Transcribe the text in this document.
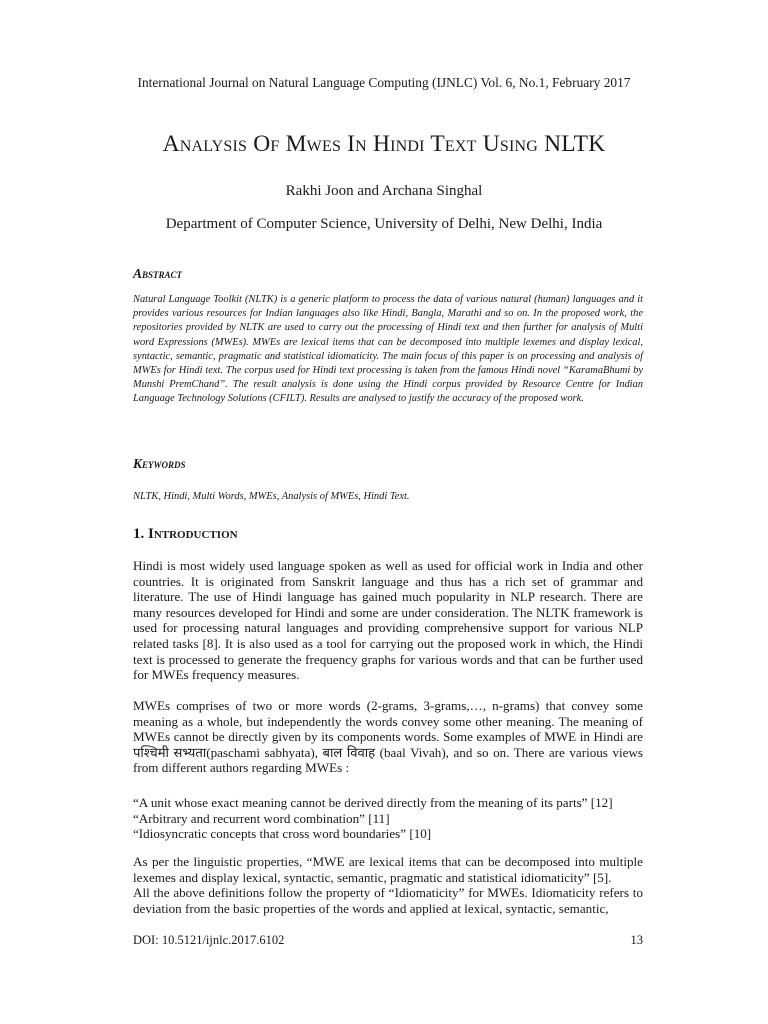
International Journal on Natural Language Computing (IJNLC) Vol. 6, No.1, February 2017
Analysis Of Mwes In Hindi Text Using NLTK
Rakhi Joon and Archana Singhal
Department of Computer Science, University of Delhi, New Delhi, India
Abstract

Natural Language Toolkit (NLTK) is a generic platform to process the data of various natural (human) languages and it provides various resources for Indian languages also like Hindi, Bangla, Marathi and so on. In the proposed work, the repositories provided by NLTK are used to carry out the processing of Hindi text and then further for analysis of Multi word Expressions (MWEs). MWEs are lexical items that can be decomposed into multiple lexemes and display lexical, syntactic, semantic, pragmatic and statistical idiomaticity. The main focus of this paper is on processing and analysis of MWEs for Hindi text. The corpus used for Hindi text processing is taken from the famous Hindi novel “KaramaBhumi by Munshi PremChand”. The result analysis is done using the Hindi corpus provided by Resource Centre for Indian Language Technology Solutions (CFILT). Results are analysed to justify the accuracy of the proposed work.

Keywords

NLTK, Hindi, Multi Words, MWEs, Analysis of MWEs, Hindi Text.

1. Introduction

Hindi is most widely used language spoken as well as used for official work in India and other countries. It is originated from Sanskrit language and thus has a rich set of grammar and literature. The use of Hindi language has gained much popularity in NLP research. There are many resources developed for Hindi and some are under consideration. The NLTK framework is used for processing natural languages and providing comprehensive support for various NLP related tasks [8]. It is also used as a tool for carrying out the proposed work in which, the Hindi text is processed to generate the frequency graphs for various words and that can be further used for MWEs frequency measures.

MWEs comprises of two or more words (2-grams, 3-grams,…, n-grams) that convey some meaning as a whole, but independently the words convey some other meaning. The meaning of MWEs cannot be directly given by its components words. Some examples of MWE in Hindi are पश्चिमी सभ्यता(paschami sabhyata), बाल विवाह (baal Vivah), and so on. There are various views from different authors regarding MWEs :

“A unit whose exact meaning cannot be derived directly from the meaning of its parts” [12]
“Arbitrary and recurrent word combination” [11]
“Idiosyncratic concepts that cross word boundaries” [10]
As per the linguistic properties, “MWE are lexical items that can be decomposed into multiple lexemes and display lexical, syntactic, semantic, pragmatic and statistical idiomaticity” [5].
All the above definitions follow the property of “Idiomaticity” for MWEs. Idiomaticity refers to deviation from the basic properties of the words and applied at lexical, syntactic, semantic,
DOI: 10.5121/ijnlc.2017.6102	13
